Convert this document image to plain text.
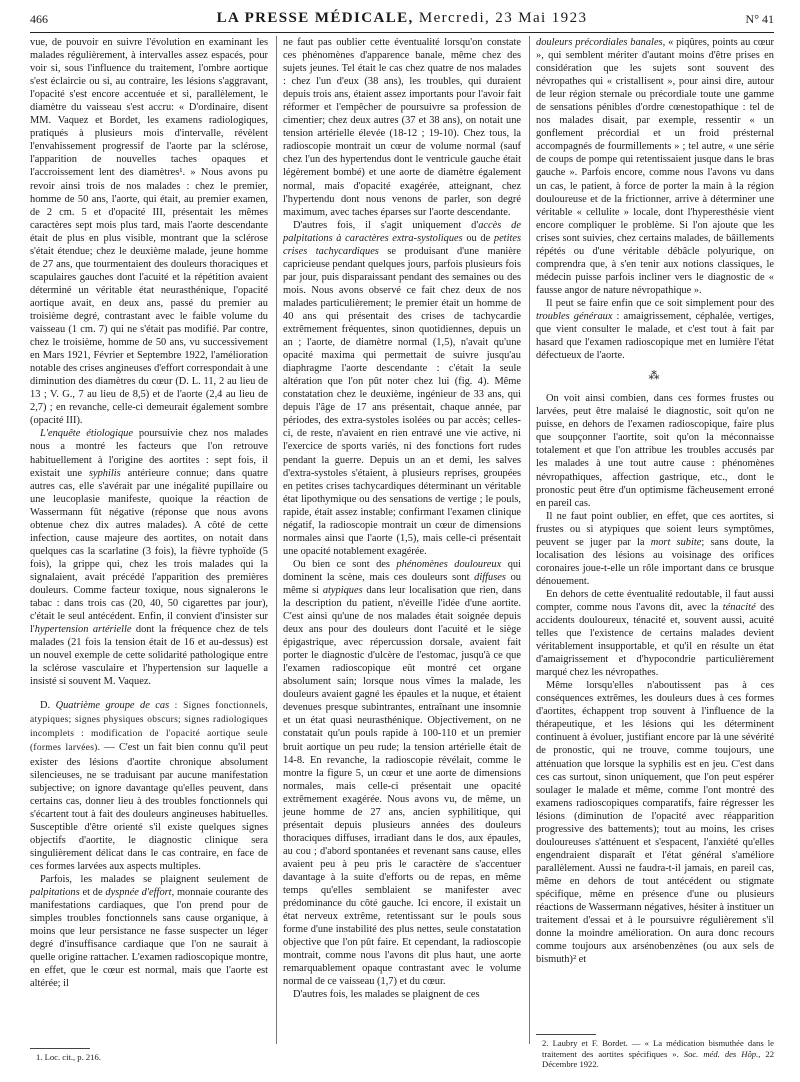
466	LA PRESSE MÉDICALE, Mercredi, 23 Mai 1923	N° 41

vue, de pouvoir en suivre l'évolution en examinant les malades régulièrement, à intervalles assez espacés, pour voir si, sous l'influence du traitement, l'ombre aortique s'est éclaircie ou si, au contraire, les lésions s'aggravant, l'opacité s'est encore accentuée et si, parallèlement, le diamètre du vaisseau s'est accru: « D'ordinaire, disent MM. Vaquez et Bordet, les examens radiologiques, pratiqués à plusieurs mois d'intervalle, révèlent l'envahissement progressif de l'aorte par la sclérose, l'apparition de nouvelles taches opaques et l'accroissement lent des diamètres¹. » Nous avons pu revoir ainsi trois de nos malades : chez le premier, homme de 50 ans, l'aorte, qui était, au premier examen, de 2 cm. 5 et d'opacité III, présentait les mêmes caractères sept mois plus tard, mais l'aorte descendante était de plus en plus visible, montrant que la sclérose s'était étendue; chez le deuxième malade, jeune homme de 27 ans, que tourmentaient des douleurs thoraciques et scapulaires gauches dont l'acuité et la répétition avaient déterminé un véritable état neurasthénique, l'opacité aortique avait, en deux ans, passé du premier au troisième degré, contrastant avec le faible volume du vaisseau (1 cm. 7) qui ne s'était pas modifié. Par contre, chez le troisième, homme de 50 ans, vu successivement en Mars 1921, Février et Septembre 1922, l'amélioration notable des crises angineuses d'effort correspondait à une diminution des diamètres du cœur (D. L. 11, 2 au lieu de 13 ; V. G., 7 au lieu de 8,5) et de l'aorte (2,4 au lieu de 2,7) ; en revanche, celle-ci demeurait également sombre (opacité III).

L'enquête étiologique poursuivie chez nos malades nous a montré les facteurs que l'on retrouve habituellement à l'origine des aortites : sept fois, il existait une syphilis antérieure connue; dans quatre autres cas, elle s'avérait par une inégalité pupillaire ou une leucoplasie manifeste, quoique la réaction de Wassermann fût négative (réponse que nous avons obtenue chez dix autres malades). A côté de cette infection, cause majeure des aortites, on notait dans quelques cas la scarlatine (3 fois), la fièvre typhoïde (5 fois), la grippe qui, chez les trois malades qui la signalaient, avait précédé l'apparition des premières douleurs. Comme facteur toxique, nous signalerons le tabac : dans trois cas (20, 40, 50 cigarettes par jour), c'était le seul antécédent. Enfin, il convient d'insister sur l'hypertension artérielle dont la fréquence chez de tels malades (21 fois la tension était de 16 et au-dessus) est un nouvel exemple de cette solidarité pathologique entre la sclérose vasculaire et l'hypertension sur laquelle a insisté si souvent M. Vaquez.

D. Quatrième groupe de cas : Signes fonctionnels, atypiques; signes physiques obscurs; signes radiologiques incomplets : modification de l'opacité aortique seule (formes larvées). — C'est un fait bien connu qu'il peut exister des lésions d'aortite chronique absolument silencieuses, ne se traduisant par aucune manifestation subjective; on ignore davantage qu'elles peuvent, dans certains cas, donner lieu à des troubles fonctionnels qui s'écartent tout à fait des douleurs angineuses habituelles. Susceptible d'être orienté s'il existe quelques signes objectifs d'aortite, le diagnostic clinique sera singulièrement délicat dans le cas contraire, en face de ces formes larvées aux aspects multiples.

Parfois, les malades se plaignent seulement de palpitations et de dyspnée d'effort, monnaie courante des manifestations cardiaques, que l'on prend pour de simples troubles fonctionnels sans cause organique, à moins que leur persistance ne fasse suspecter un léger degré d'insuffisance cardiaque que l'on ne saurait à quelle origine rattacher. L'examen radioscopique montre, en effet, que le cœur est normal, mais que l'aorte est altérée; il

1. Loc. cit., p. 216.

ne faut pas oublier cette éventualité lorsqu'on constate ces phénomènes d'apparence banale, même chez des sujets jeunes. Tel était le cas chez quatre de nos malades : chez l'un d'eux (38 ans), les troubles, qui duraient depuis trois ans, étaient assez importants pour l'avoir fait réformer et l'empêcher de poursuivre sa profession de cimentier; chez deux autres (37 et 38 ans), on notait une tension artérielle élevée (18-12 ; 19-10). Chez tous, la radioscopie montrait un cœur de volume normal (sauf chez l'un des hypertendus dont le ventricule gauche était légèrement bombé) et une aorte de diamètre également normal, mais d'opacité exagérée, atteignant, chez l'hypertendu dont nous venons de parler, son degré maximum, avec taches éparses sur l'aorte descendante.

D'autres fois, il s'agit uniquement d'accès de palpitations à caractères extra-systoliques ou de petites crises tachycardiques se produisant d'une manière capricieuse pendant quelques jours, parfois plusieurs fois par jour, puis disparaissant pendant des semaines ou des mois. Nous avons observé ce fait chez deux de nos malades particulièrement; le premier était un homme de 40 ans qui présentait des crises de tachycardie extrêmement fréquentes, sinon quotidiennes, depuis un an ; l'aorte, de diamètre normal (1,5), n'avait qu'une opacité maxima qui permettait de suivre jusqu'au diaphragme l'aorte descendante : c'était la seule altération que l'on pût noter chez lui (fig. 4). Même constatation chez le deuxième, ingénieur de 33 ans, qui depuis l'âge de 17 ans présentait, chaque année, par périodes, des extra-systoles isolées ou par accès; celles-ci, de reste, n'avaient en rien entravé une vie active, ni l'exercice de sports variés, ni des fonctions fort rudes pendant la guerre. Depuis un an et demi, les salves d'extra-systoles s'étaient, à plusieurs reprises, groupées en petites crises tachycardiques déterminant un véritable état lipothymique ou des sensations de vertige ; le pouls, rapide, était assez instable; confirmant l'examen clinique négatif, la radioscopie montrait un cœur de dimensions normales ainsi que l'aorte (1,5), mais celle-ci présentait une opacité notablement exagérée.

Ou bien ce sont des phénomènes douloureux qui dominent la scène, mais ces douleurs sont diffuses ou même si atypiques dans leur localisation que rien, dans la description du patient, n'éveille l'idée d'une aortite. C'est ainsi qu'une de nos malades était soignée depuis deux ans pour des douleurs dont l'acuité et le siège épigastrique, avec répercussion dorsale, avaient fait porter le diagnostic d'ulcère de l'estomac, jusqu'à ce que l'examen radioscopique eût montré cet organe absolument sain; lorsque nous vîmes la malade, les douleurs avaient gagné les épaules et la nuque, et étaient devenues presque subintrantes, entraînant une insomnie et un état quasi neurasthénique. Objectivement, on ne constatait qu'un pouls rapide à 100-110 et un premier bruit aortique un peu rude; la tension artérielle était de 14-8. En revanche, la radioscopie révélait, comme le montre la figure 5, un cœur et une aorte de dimensions normales, mais celle-ci présentait une opacité extrêmement exagérée. Nous avons vu, de même, un jeune homme de 27 ans, ancien syphilitique, qui présentait depuis plusieurs années des douleurs thoraciques diffuses, irradiant dans le dos, aux épaules, au cou ; d'abord spontanées et revenant sans cause, elles avaient peu à peu pris le caractère de s'accentuer davantage à la suite d'efforts ou de repas, en même temps qu'elles semblaient se manifester avec prédominance du côté gauche. Ici encore, il existait un état nerveux extrême, retentissant sur le pouls sous forme d'une instabilité des plus nettes, seule constatation objective que l'on pût faire. Et cependant, la radioscopie montrait, comme nous l'avons dit plus haut, une aorte remarquablement opaque contrastant avec le volume normal de ce vaisseau (1,7) et du cœur.

D'autres fois, les malades se plaignent de ces

douleurs précordiales banales, « piqûres, points au cœur », qui semblent mériter d'autant moins d'être prises en considération que les sujets sont souvent des névropathes qui « cristallisent », pour ainsi dire, autour de leur région sternale ou précordiale toute une gamme de sensations pénibles d'ordre cœnestopathique : tel de nos malades disait, par exemple, ressentir « un gonflement précordial et un froid présternal accompagnés de fourmillements » ; tel autre, « une série de coups de pompe qui retentissaient jusque dans le bras gauche ». Parfois encore, comme nous l'avons vu dans un cas, le patient, à force de porter la main à la région douloureuse et de la frictionner, arrive à déterminer une véritable « cellulite » locale, dont l'hyperesthésie vient encore compliquer le problème. Si l'on ajoute que les crises sont suivies, chez certains malades, de bâillements répétés ou d'une véritable débâcle polyurique, on comprendra que, à s'en tenir aux notions classiques, le médecin puisse parfois incliner vers le diagnostic de « fausse angor de nature névropathique ».

Il peut se faire enfin que ce soit simplement pour des troubles généraux : amaigrissement, céphalée, vertiges, que vient consulter le malade, et c'est tout à fait par hasard que l'examen radioscopique met en lumière l'état défectueux de l'aorte.

⁂

On voit ainsi combien, dans ces formes frustes ou larvées, peut être malaisé le diagnostic, soit qu'on ne puisse, en dehors de l'examen radioscopique, faire plus que soupçonner l'aortite, soit qu'on la méconnaisse totalement et que l'on attribue les troubles accusés par les malades à une tout autre cause : phénomènes névropathiques, affection gastrique, etc., dont le pronostic peut être d'un optimisme fâcheusement erroné en pareil cas.

Il ne faut point oublier, en effet, que ces aortites, si frustes ou si atypiques que soient leurs symptômes, peuvent se juger par la mort subite; sans doute, la localisation des lésions au voisinage des orifices coronaires joue-t-elle un rôle important dans ce brusque dénouement.

En dehors de cette éventualité redoutable, il faut aussi compter, comme nous l'avons dit, avec la ténacité des accidents douloureux, ténacité et, souvent aussi, acuité telles que l'existence de certains malades devient véritablement insupportable, et qu'il en résulte un état d'amaigrissement et d'hypocondrie particulièrement marqué chez les névropathes.

Même lorsqu'elles n'aboutissent pas à ces conséquences extrêmes, les douleurs dues à ces formes d'aortites, échappent trop souvent à l'influence de la thérapeutique, et les lésions qui les déterminent continuent à évoluer, justifiant encore par là une sévérité de pronostic, qui ne trouve, comme toujours, une atténuation que lorsque la syphilis est en jeu. C'est dans ces cas surtout, sinon uniquement, que l'on peut espérer soulager le malade et même, comme l'ont montré des examens radioscopiques comparatifs, faire régresser les lésions (diminution de l'opacité avec réapparition progressive des battements); tout au moins, les crises douloureuses s'atténuent et s'espacent, l'anxiété qu'elles engendraient disparaît et l'état général s'améliore parallèlement. Aussi ne faudra-t-il jamais, en pareil cas, même en dehors de tout antécédent ou stigmate spécifique, même en présence d'une ou plusieurs réactions de Wassermann négatives, hésiter à instituer un traitement d'essai et à le poursuivre régulièrement s'il donne la moindre amélioration. On aura donc recours comme toujours aux arsénobenzènes (ou aux sels de bismuth)² et

2. Laubry et F. Bordet. — « La médication bismuthée dans le traitement des aortites spécifiques ». Soc. méd. des Hôp., 22 Décembre 1922.
